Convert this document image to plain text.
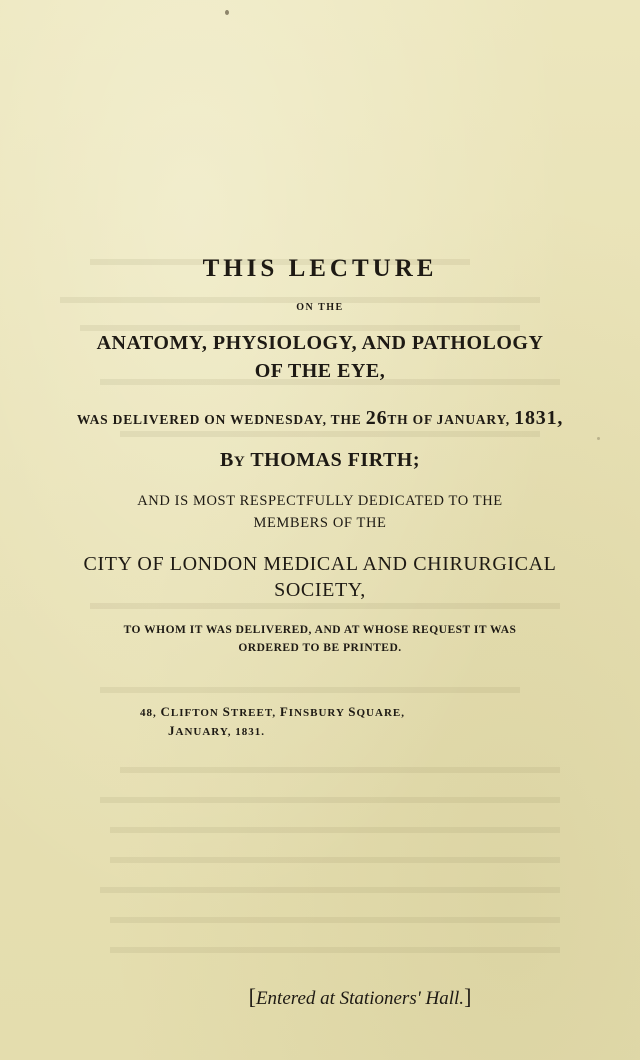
THIS LECTURE
ON THE
ANATOMY, PHYSIOLOGY, AND PATHOLOGY
OF THE EYE,
WAS DELIVERED ON WEDNESDAY, THE 26TH OF JANUARY, 1831,
BY THOMAS FIRTH;
AND IS MOST RESPECTFULLY DEDICATED TO THE
MEMBERS OF THE
CITY OF LONDON MEDICAL AND CHIRURGICAL
SOCIETY,
TO WHOM IT WAS DELIVERED, AND AT WHOSE REQUEST IT WAS
ORDERED TO BE PRINTED.
48, CLIFTON STREET, FINSBURY SQUARE,
JANUARY, 1831.
[Entered at Stationers' Hall.]
